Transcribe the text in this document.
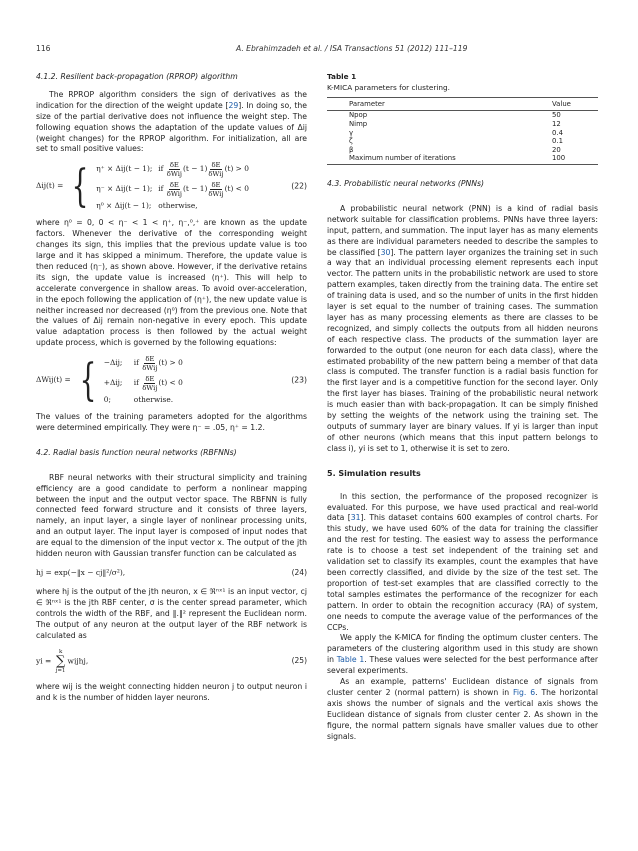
116	A. Ebrahimzadeh et al. / ISA Transactions 51 (2012) 111–119
4.1.2. Resilient back-propagation (RPROP) algorithm

The RPROP algorithm considers the sign of derivatives as the indication for the direction of the weight update [29]. In doing so, the size of the partial derivative does not influence the weight step. The following equation shows the adaptation of the update values of Δij (weight changes) for the RPROP algorithm. For initialization, all are set to small positive values:

Δij(t) = { η⁺ × Δij(t − 1); if
$\frac{\delta E}{\text{δWij}} (t - 1) \frac{\delta E}{\text{δWij}} (t) > 0$
η⁻ × Δij(t − 1); if
$\frac{\delta E}{\text{δWij}} (t - 1) \frac{\delta E}{\text{δWij}} (t) < 0$
η⁰ × Δij(t − 1); otherwise,
(22)

where η⁰ = 0, 0 < η⁻ < 1 < η⁺, η⁻,⁰,⁺ are known as the update factors. Whenever the derivative of the corresponding weight changes its sign, this implies that the previous update value is too large and it has skipped a minimum. Therefore, the update value is then reduced (η⁻), as shown above. However, if the derivative retains its sign, the update value is increased (η⁺). This will help to accelerate convergence in shallow areas. To avoid over-acceleration, in the epoch following the application of (η⁺), the new update value is neither increased nor decreased (η⁰) from the previous one. Note that the values of Δij remain non-negative in every epoch. This update value adaptation process is then followed by the actual weight update process, which is governed by the following equations:

ΔWij(t) = { −Δij;	if
$\frac{\delta E}{\text{δWij}} (t) > 0$
+Δij;	if
$\frac{\delta E}{\text{δWij}} (t) < 0$
0;	otherwise.
(23)

The values of the training parameters adopted for the algorithms were determined empirically. They were η⁻ = .05, η⁺ = 1.2.

4.2. Radial basis function neural networks (RBFNNs)

RBF neural networks with their structural simplicity and training efficiency are a good candidate to perform a nonlinear mapping between the input and the output vector space. The RBFNN is fully connected feed forward structure and it consists of three layers, namely, an input layer, a single layer of nonlinear processing units, and an output layer. The input layer is composed of input nodes that are equal to the dimension of the input vector x. The output of the jth hidden neuron with Gaussian transfer function can be calculated as

hj = exp(−‖x − cj‖²/σ²),	(24)

where hj is the output of the jth neuron, x ∈ ℜⁿˣ¹ is an input vector, cj ∈ ℜⁿˣ¹ is the jth RBF center, σ is the center spread parameter, which controls the width of the RBF, and ‖.‖² represent the Euclidean norm. The output of any neuron at the output layer of the RBF network is calculated as

yi =
k
∑
j=1
wijhj,	(25)

where wij is the weight connecting hidden neuron j to output neuron i and k is the number of hidden layer neurons.

Table 1
K-MICA parameters for clustering.
Parameter	Value
Npop	50
Nimp	12
γ	0.4
ζ	0.1
β	20
Maximum number of iterations	100
4.3. Probabilistic neural networks (PNNs)

A probabilistic neural network (PNN) is a kind of radial basis network suitable for classification problems. PNNs have three layers: input, pattern, and summation. The input layer has as many elements as there are individual parameters needed to describe the samples to be classified [30]. The pattern layer organizes the training set in such a way that an individual processing element represents each input vector. The pattern units in the probabilistic network are used to store pattern examples, taken directly from the training data. The entire set of training data is used, and so the number of units in the first hidden layer is set equal to the number of training cases. The summation layer has as many processing elements as there are classes to be recognized, and simply collects the outputs from all hidden neurons of each respective class. The products of the summation layer are forwarded to the output (one neuron for each data class), where the estimated probability of the new pattern being a member of that data class is computed. The transfer function is a radial basis function for the first layer and is a competitive function for the second layer. Only the first layer has biases. Training of the probabilistic neural network is much easier than with back-propagation. It can be simply finished by setting the weights of the network using the training set. The outputs of summary layer are binary values. If yi is larger than input of other neurons (which means that this input pattern belongs to class i), yi is set to 1, otherwise it is set to zero.

5. Simulation results

In this section, the performance of the proposed recognizer is evaluated. For this purpose, we have used practical and real-world data [31]. This dataset contains 600 examples of control charts. For this study, we have used 60% of the data for training the classifier and the rest for testing. The easiest way to assess the performance rate is to choose a test set independent of the training set and validation set to classify its examples, count the examples that have been correctly classified, and divide by the size of the test set. The proportion of test-set examples that are classified correctly to the total samples estimates the performance of the recognizer for each pattern. In order to obtain the recognition accuracy (RA) of system, one needs to compute the average value of the performances of the CCPs.

We apply the K-MICA for finding the optimum cluster centers. The parameters of the clustering algorithm used in this study are shown in Table 1. These values were selected for the best performance after several experiments.

As an example, patterns' Euclidean distance of signals from cluster center 2 (normal pattern) is shown in Fig. 6. The horizontal axis shows the number of signals and the vertical axis shows the Euclidean distance of signals from cluster center 2. As shown in the figure, the normal pattern signals have smaller values due to other signals.
